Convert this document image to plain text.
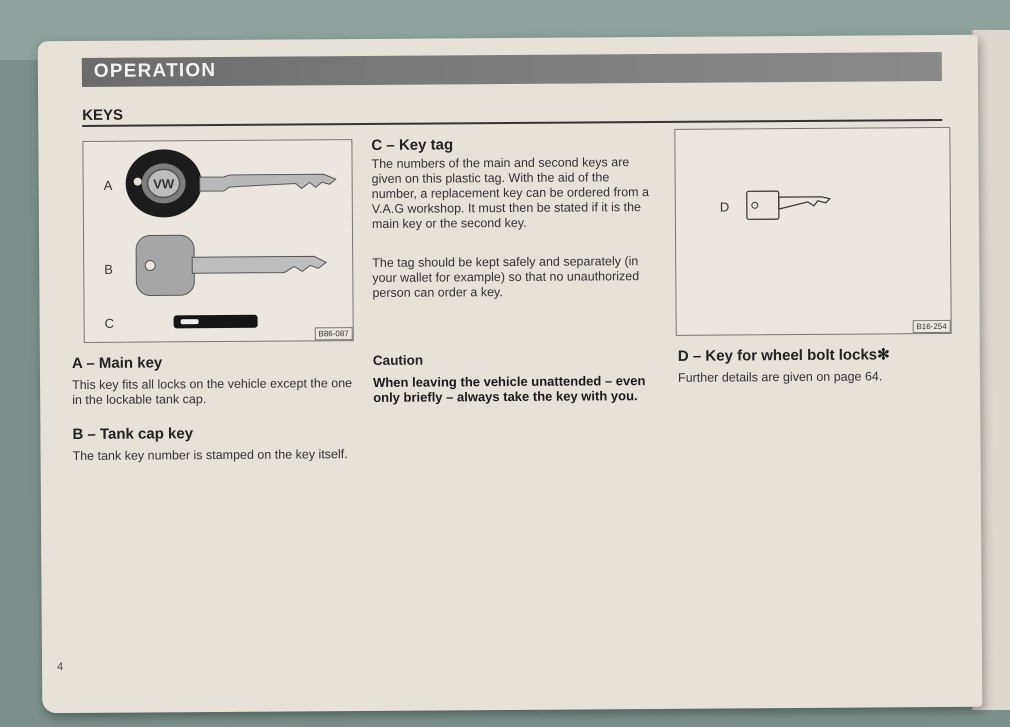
OPERATION
KEYS
A
B
C
VW
B86-087
D
B16-254
A – Main key
This key fits all locks on the vehicle except the one in the lockable tank cap.
B – Tank cap key
The tank key number is stamped on the key itself.
C – Key tag
The numbers of the main and second keys are given on this plastic tag. With the aid of the number, a replacement key can be ordered from a V.A.G workshop. It must then be stated if it is the main key or the second key.
The tag should be kept safely and separately (in your wallet for example) so that no unauthorized person can order a key.
Caution
When leaving the vehicle unattended – even only briefly – always take the key with you.
D – Key for wheel bolt locks✻
Further details are given on page 64.
4
